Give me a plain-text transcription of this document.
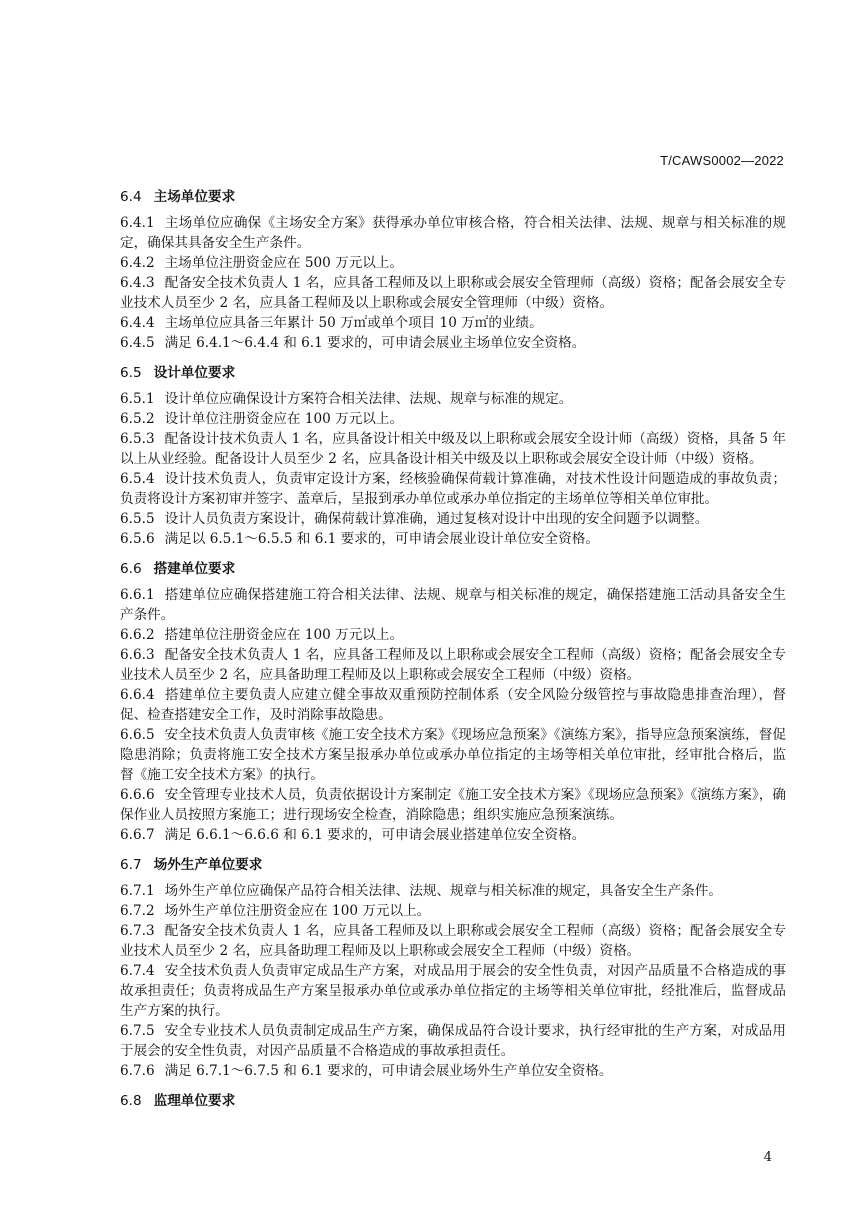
T/CAWS0002—2022
6.4 主场单位要求

6.4.1 主场单位应确保《主场安全方案》获得承办单位审核合格，符合相关法律、法规、规章与相关标准的规定，确保其具备安全生产条件。

6.4.2 主场单位注册资金应在 500 万元以上。

6.4.3 配备安全技术负责人 1 名，应具备工程师及以上职称或会展安全管理师（高级）资格；配备会展安全专业技术人员至少 2 名，应具备工程师及以上职称或会展安全管理师（中级）资格。

6.4.4 主场单位应具备三年累计 50 万㎡或单个项目 10 万㎡的业绩。

6.4.5 满足 6.4.1～6.4.4 和 6.1 要求的，可申请会展业主场单位安全资格。

6.5 设计单位要求

6.5.1 设计单位应确保设计方案符合相关法律、法规、规章与标准的规定。

6.5.2 设计单位注册资金应在 100 万元以上。

6.5.3 配备设计技术负责人 1 名，应具备设计相关中级及以上职称或会展安全设计师（高级）资格，具备 5 年以上从业经验。配备设计人员至少 2 名，应具备设计相关中级及以上职称或会展安全设计师（中级）资格。

6.5.4 设计技术负责人，负责审定设计方案，经核验确保荷载计算准确，对技术性设计问题造成的事故负责；负责将设计方案初审并签字、盖章后，呈报到承办单位或承办单位指定的主场单位等相关单位审批。

6.5.5 设计人员负责方案设计，确保荷载计算准确，通过复核对设计中出现的安全问题予以调整。

6.5.6 满足以 6.5.1～6.5.5 和 6.1 要求的，可申请会展业设计单位安全资格。

6.6 搭建单位要求

6.6.1 搭建单位应确保搭建施工符合相关法律、法规、规章与相关标准的规定，确保搭建施工活动具备安全生产条件。

6.6.2 搭建单位注册资金应在 100 万元以上。

6.6.3 配备安全技术负责人 1 名，应具备工程师及以上职称或会展安全工程师（高级）资格；配备会展安全专业技术人员至少 2 名，应具备助理工程师及以上职称或会展安全工程师（中级）资格。

6.6.4 搭建单位主要负责人应建立健全事故双重预防控制体系（安全风险分级管控与事故隐患排查治理），督促、检查搭建安全工作，及时消除事故隐患。

6.6.5 安全技术负责人负责审核《施工安全技术方案》《现场应急预案》《演练方案》，指导应急预案演练，督促隐患消除；负责将施工安全技术方案呈报承办单位或承办单位指定的主场等相关单位审批，经审批合格后，监督《施工安全技术方案》的执行。

6.6.6 安全管理专业技术人员，负责依据设计方案制定《施工安全技术方案》《现场应急预案》《演练方案》，确保作业人员按照方案施工；进行现场安全检查，消除隐患；组织实施应急预案演练。

6.6.7 满足 6.6.1～6.6.6 和 6.1 要求的，可申请会展业搭建单位安全资格。

6.7 场外生产单位要求

6.7.1 场外生产单位应确保产品符合相关法律、法规、规章与相关标准的规定，具备安全生产条件。

6.7.2 场外生产单位注册资金应在 100 万元以上。

6.7.3 配备安全技术负责人 1 名，应具备工程师及以上职称或会展安全工程师（高级）资格；配备会展安全专业技术人员至少 2 名，应具备助理工程师及以上职称或会展安全工程师（中级）资格。

6.7.4 安全技术负责人负责审定成品生产方案，对成品用于展会的安全性负责，对因产品质量不合格造成的事故承担责任；负责将成品生产方案呈报承办单位或承办单位指定的主场等相关单位审批，经批准后，监督成品生产方案的执行。

6.7.5 安全专业技术人员负责制定成品生产方案，确保成品符合设计要求，执行经审批的生产方案，对成品用于展会的安全性负责，对因产品质量不合格造成的事故承担责任。

6.7.6 满足 6.7.1～6.7.5 和 6.1 要求的，可申请会展业场外生产单位安全资格。

6.8 监理单位要求
4
